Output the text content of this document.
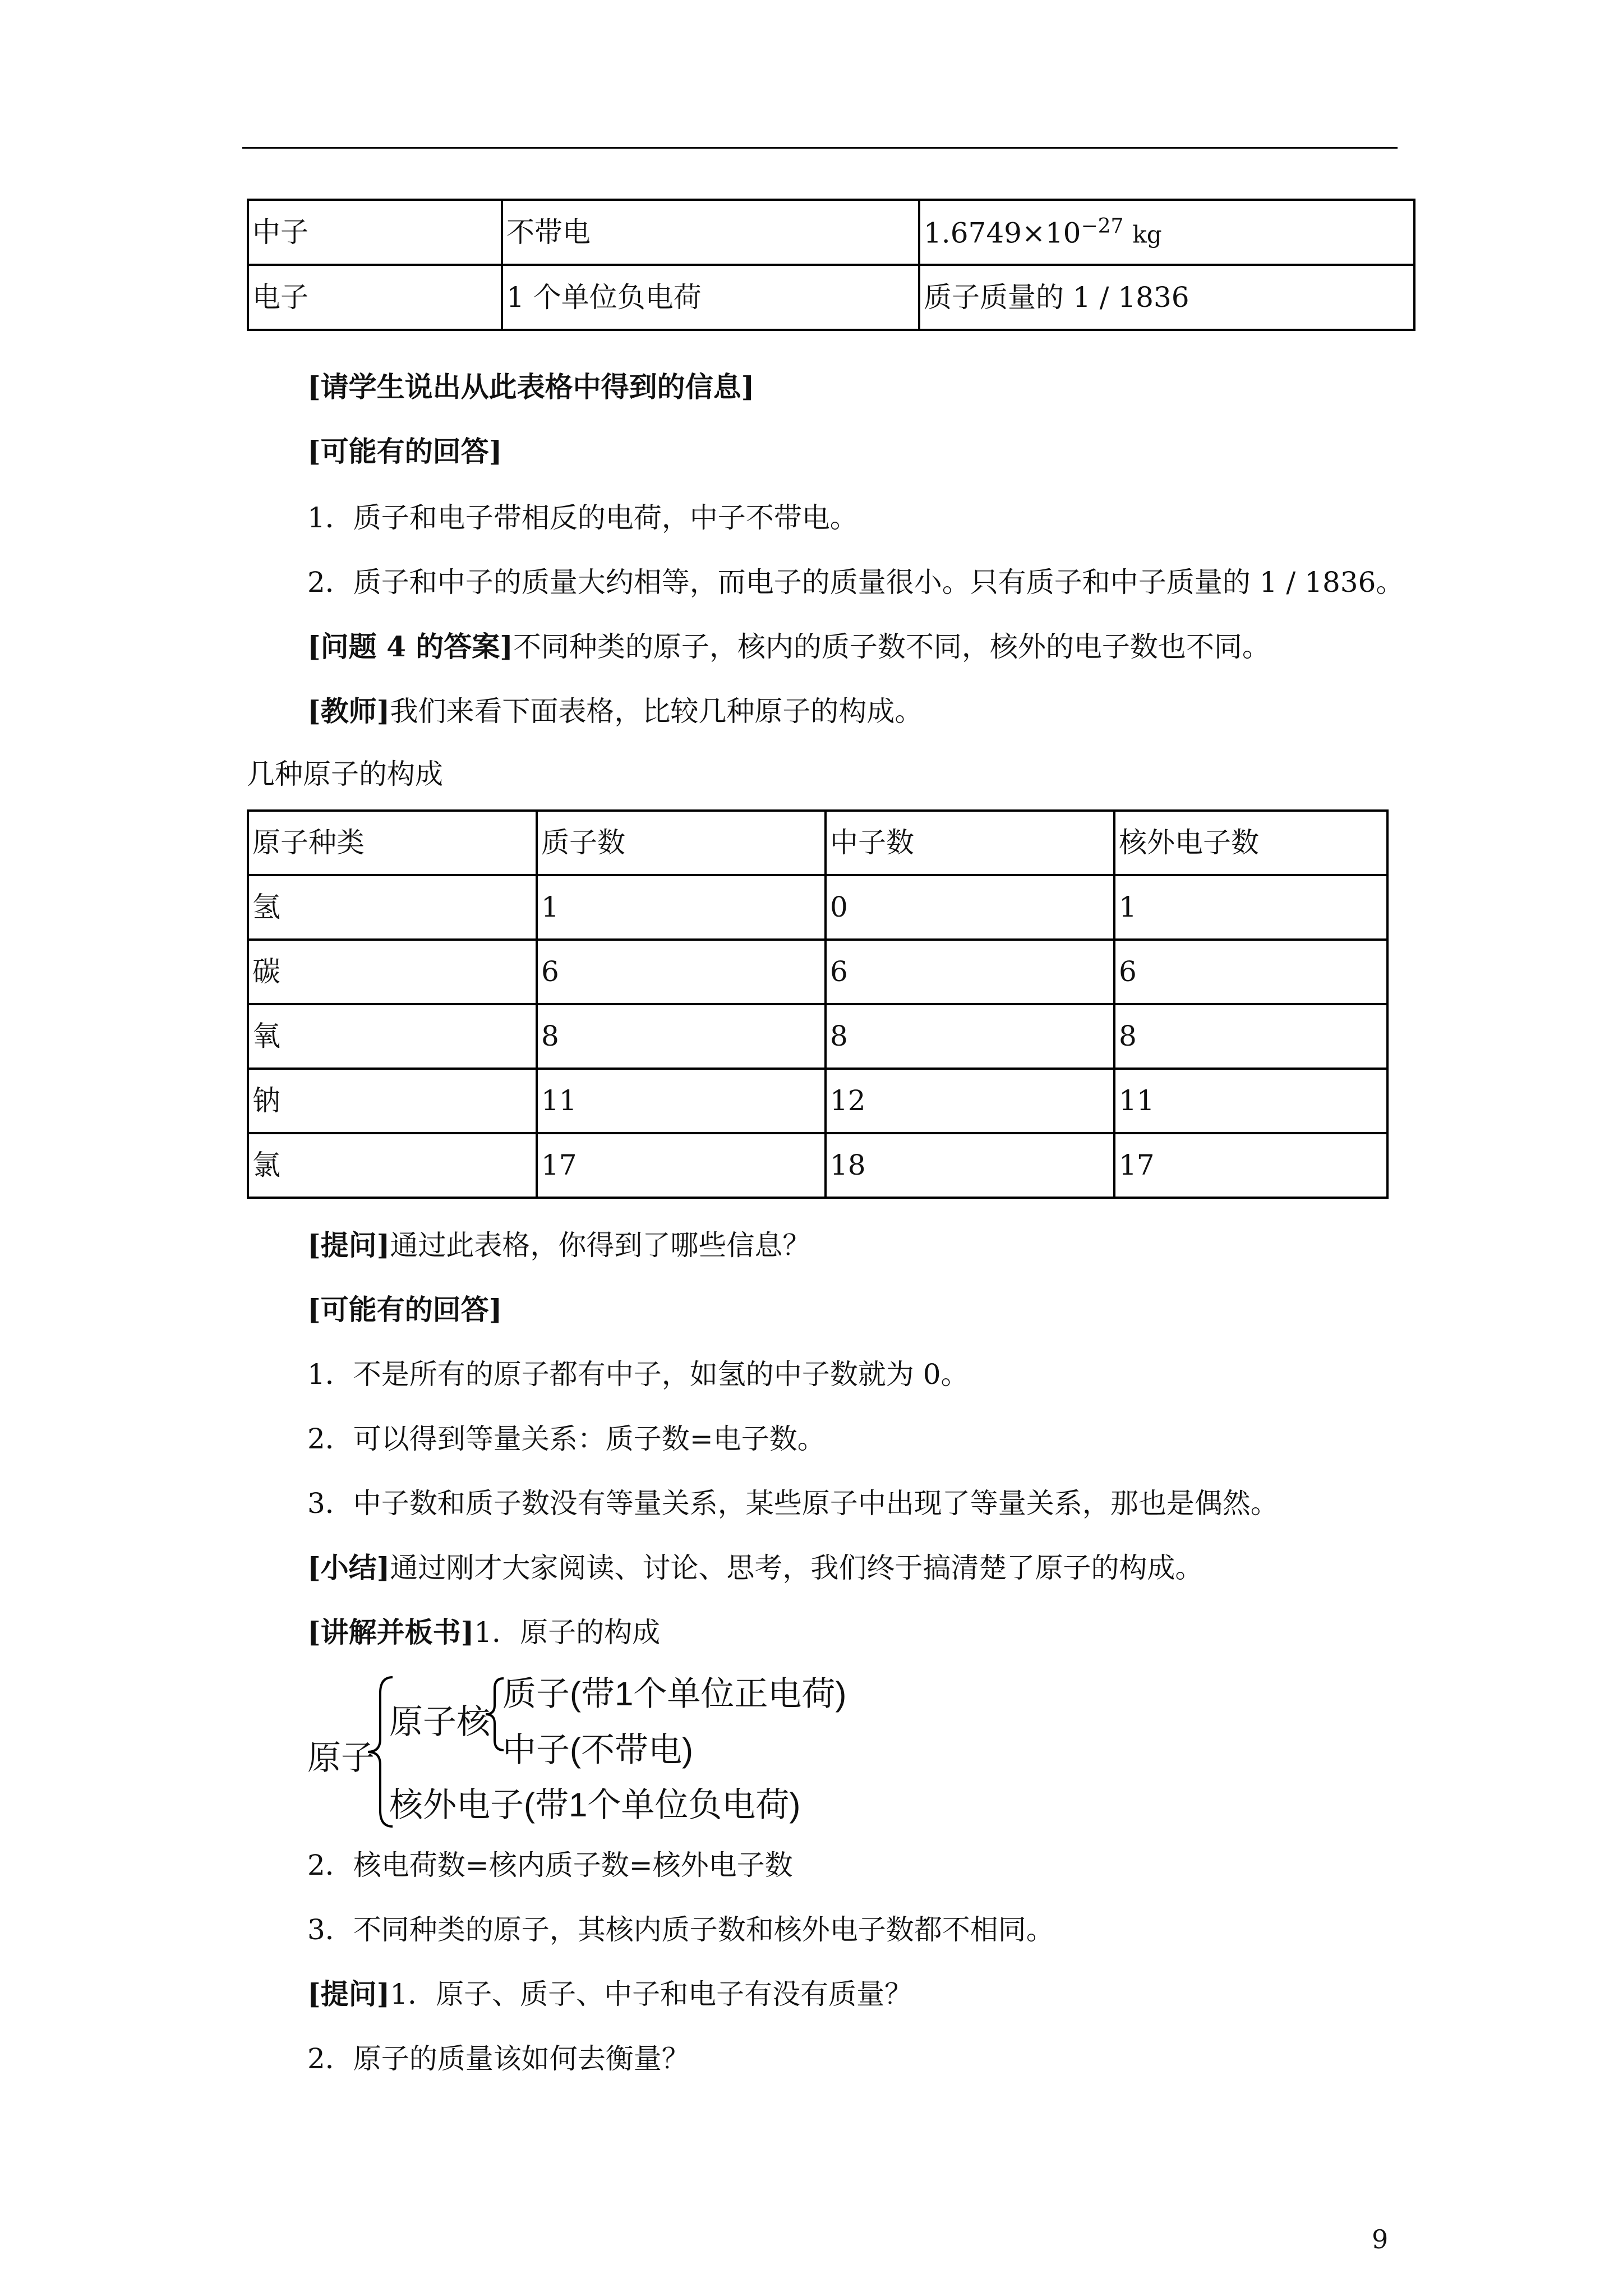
中子	不带电	$1.6749\times 10^{-27}$ kg
电子	1 个单位负电荷	质子质量的 1 / 1836
[请学生说出从此表格中得到的信息]
[可能有的回答]
1．质子和电子带相反的电荷，中子不带电。
2．质子和中子的质量大约相等，而电子的质量很小。只有质子和中子质量的 1 / 1836。
[问题 4 的答案]不同种类的原子，核内的质子数不同，核外的电子数也不同。
[教师]我们来看下面表格，比较几种原子的构成。
几种原子的构成
原子种类	质子数	中子数	核外电子数
氢	1	0	1
碳	6	6	6
氧	8	8	8
钠	11	12	11
氯	17	18	17
[提问]通过此表格，你得到了哪些信息？
[可能有的回答]
1．不是所有的原子都有中子，如氢的中子数就为 0。
2．可以得到等量关系：质子数=电子数。
3．中子数和质子数没有等量关系，某些原子中出现了等量关系，那也是偶然。
[小结]通过刚才大家阅读、讨论、思考，我们终于搞清楚了原子的构成。
[讲解并板书]1．原子的构成
原子
原子核
质子(带1个单位正电荷)
中子(不带电)
核外电子(带1个单位负电荷)
2．核电荷数=核内质子数=核外电子数
3．不同种类的原子，其核内质子数和核外电子数都不相同。
[提问]1．原子、质子、中子和电子有没有质量？
2．原子的质量该如何去衡量？
9
